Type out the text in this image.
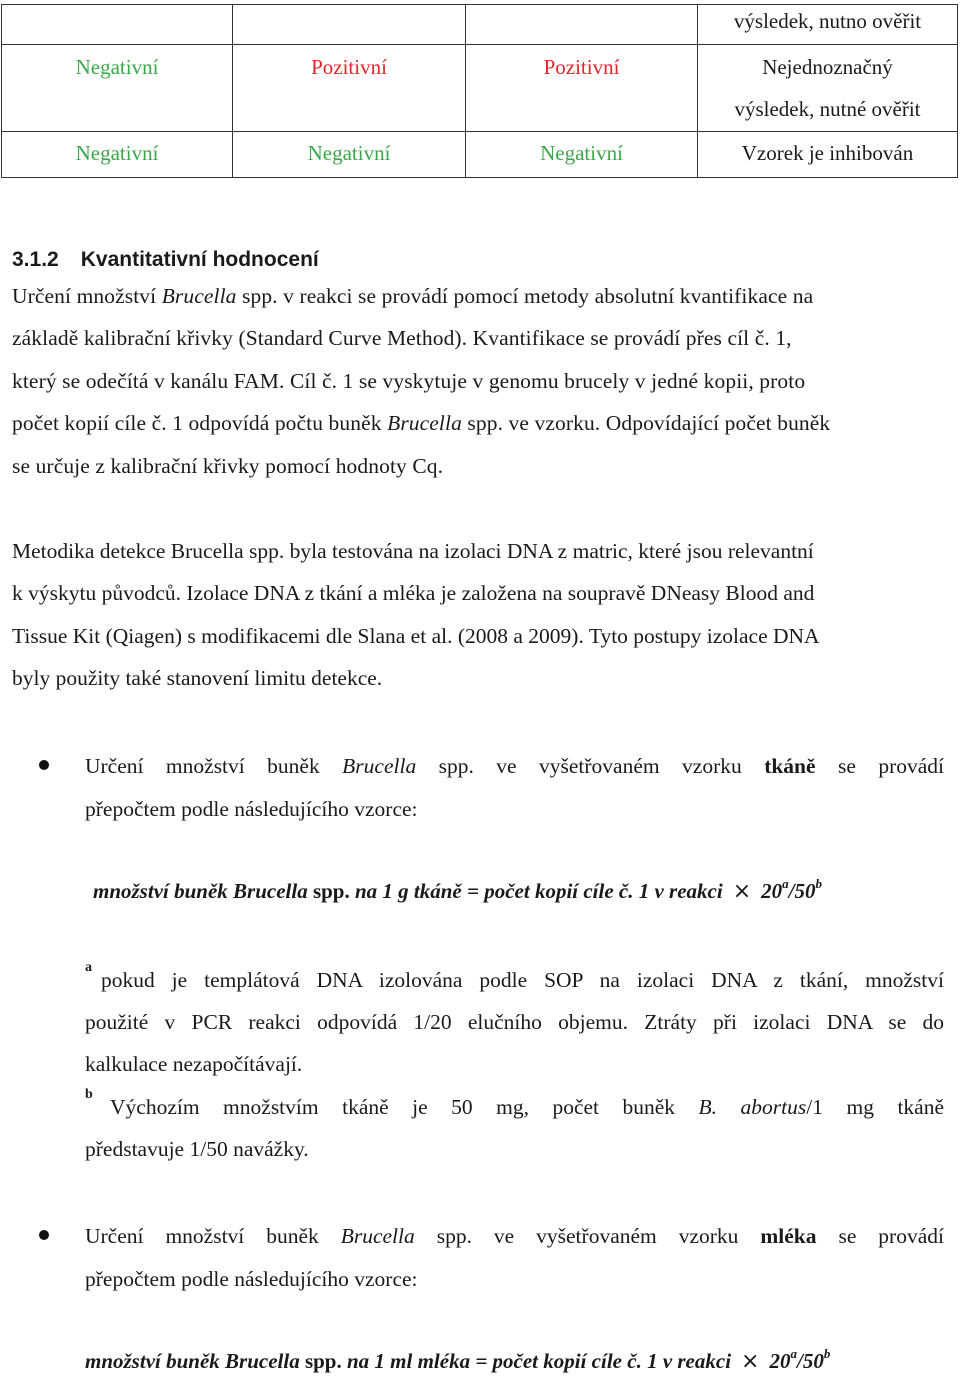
			výsledek, nutno ověřit

Negativní	Pozitivní	Pozitivní	Nejednoznačný
výsledek, nutné ověřit

Negativní	Negativní	Negativní	Vzorek je inhibován
3.1.2 Kvantitativní hodnocení
Určení množství Brucella spp. v reakci se provádí pomocí metody absolutní kvantifikace na
základě kalibrační křivky (Standard Curve Method). Kvantifikace se provádí přes cíl č. 1,
který se odečítá v kanálu FAM. Cíl č. 1 se vyskytuje v genomu brucely v jedné kopii, proto
počet kopií cíle č. 1 odpovídá počtu buněk Brucella spp. ve vzorku. Odpovídající počet buněk
se určuje z kalibrační křivky pomocí hodnoty Cq.
Metodika detekce Brucella spp. byla testována na izolaci DNA z matric, které jsou relevantní
k výskytu původců. Izolace DNA z tkání a mléka je založena na soupravě DNeasy Blood and
Tissue Kit (Qiagen) s modifikacemi dle Slana et al. (2008 a 2009). Tyto postupy izolace DNA
byly použity také stanovení limitu detekce.
Určení množství buněk Brucella spp. ve vyšetřovaném vzorku tkáně se provádí
přepočtem podle následujícího vzorce:
množství buněk Brucella spp. na 1 g tkáně = počet kopií cíle č. 1 v reakci × $20^a/50^b$
a
pokud je templátová DNA izolována podle SOP na izolaci DNA z tkání, množství
použité v PCR reakci odpovídá 1/20 elučního objemu. Ztráty při izolaci DNA se do
kalkulace nezapočítávají.
b
Výchozím množstvím tkáně je 50 mg, počet buněk B. abortus/1 mg tkáně
představuje 1/50 navážky.
Určení množství buněk Brucella spp. ve vyšetřovaném vzorku mléka se provádí
přepočtem podle následujícího vzorce:
množství buněk Brucella spp. na 1 ml mléka = počet kopií cíle č. 1 v reakci × $20^a/50^b$
